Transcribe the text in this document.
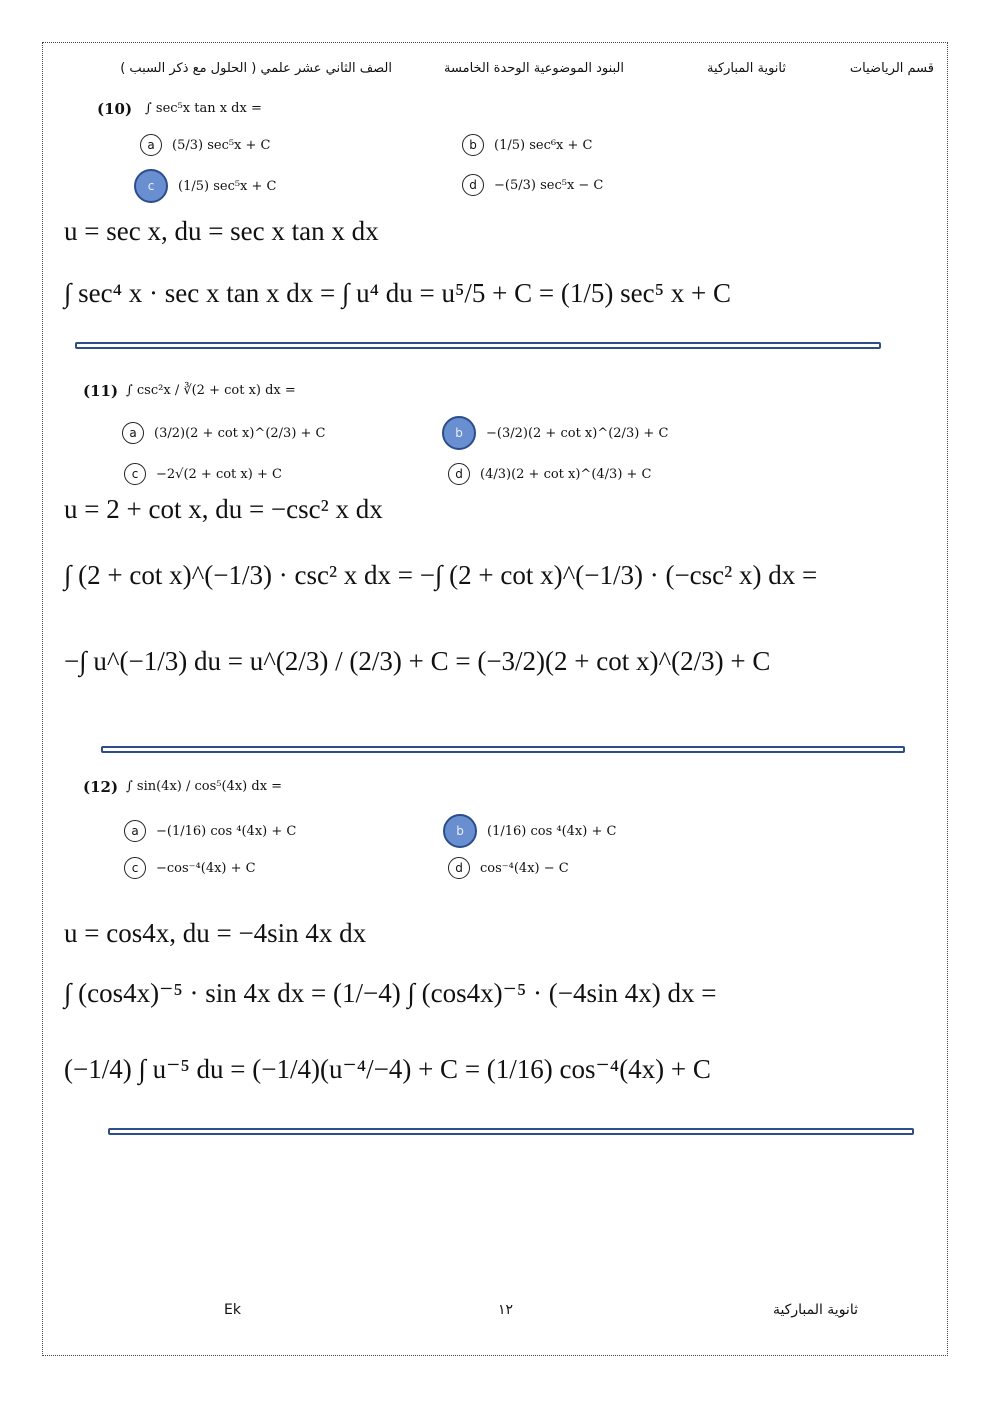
قسم الرياضيات
ثانوية المباركية
البنود الموضوعية الوحدة الخامسة
الصف الثاني عشر علمي ( الحلول مع ذكر السبب )
(10) ∫ sec⁵x tan x dx =
a	(5/3) sec⁵x + C	b	(1/5) sec⁶x + C
c	(1/5) sec⁵x + C	d	−(5/3) sec⁵x − C
u = sec x, du = sec x tan x dx
∫ sec⁴ x · sec x tan x dx = ∫ u⁴ du = u⁵/5 + C = (1/5) sec⁵ x + C
(11) ∫ csc²x / ∛(2 + cot x) dx =
a	(3/2)(2 + cot x)^(2/3) + C	b	−(3/2)(2 + cot x)^(2/3) + C
c	−2√(2 + cot x) + C	d	(4/3)(2 + cot x)^(4/3) + C
u = 2 + cot x, du = −csc² x dx
∫ (2 + cot x)^(−1/3) · csc² x dx = −∫ (2 + cot x)^(−1/3) · (−csc² x) dx =
−∫ u^(−1/3) du = u^(2/3) / (2/3) + C = (−3/2)(2 + cot x)^(2/3) + C
(12) ∫ sin(4x) / cos⁵(4x) dx =
a	−(1/16) cos ⁴(4x) + C	b	(1/16) cos ⁴(4x) + C
c	−cos⁻⁴(4x) + C	d	cos⁻⁴(4x) − C
u = cos4x, du = −4sin 4x dx
∫ (cos4x)⁻⁵ · sin 4x dx = (1/−4) ∫ (cos4x)⁻⁵ · (−4sin 4x) dx =
(−1/4) ∫ u⁻⁵ du = (−1/4)(u⁻⁴/−4) + C = (1/16) cos⁻⁴(4x) + C
Ek	١٢	ثانوية المباركية
